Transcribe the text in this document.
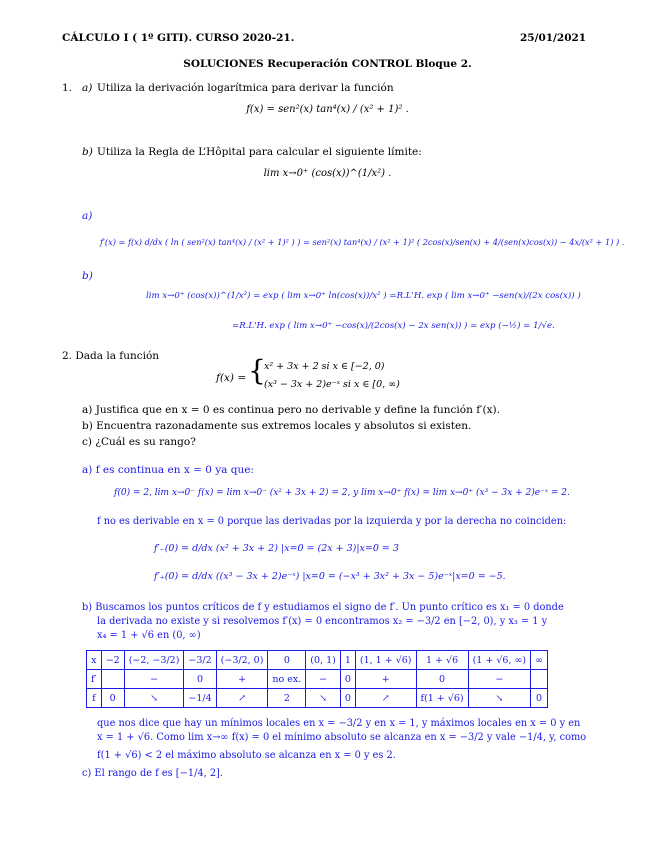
CÁLCULO I ( 1º GITI). CURSO 2020-21.	25/01/2021
SOLUCIONES Recuperación CONTROL Bloque 2.
1. a) Utiliza la derivación logarítmica para derivar la función
f(x) = sen²(x) tan⁴(x) / (x² + 1)² .
b) Utiliza la Regla de L’Hôpital para calcular el siguiente límite:
lim x→0⁺ (cos(x))^(1/x²) .
a)
f′(x) = f(x) d/dx ( ln ( sen²(x) tan⁴(x) / (x² + 1)² ) ) = sen²(x) tan⁴(x) / (x² + 1)² ( 2cos(x)/sen(x) + 4/(sen(x)cos(x)) − 4x/(x² + 1) ) .
b)
lim x→0⁺ (cos(x))^(1/x²) = exp ( lim x→0⁺ ln(cos(x))/x² ) =R.L'H. exp ( lim x→0⁺ −sen(x)/(2x cos(x)) )
=R.L'H. exp ( lim x→0⁺ −cos(x)/(2cos(x) − 2x sen(x)) ) = exp (−½) = 1/√e.
2. Dada la función
f(x) = {
x² + 3x + 2 si x ∈ [−2, 0)
(x³ − 3x + 2)e⁻ˣ si x ∈ [0, ∞)
a) Justifica que en x = 0 es continua pero no derivable y define la función f′(x).
b) Encuentra razonadamente sus extremos locales y absolutos si existen.
c) ¿Cuál es su rango?
a) f es continua en x = 0 ya que:
f(0) = 2, lim x→0⁻ f(x) = lim x→0⁻ (x² + 3x + 2) = 2, y lim x→0⁺ f(x) = lim x→0⁺ (x³ − 3x + 2)e⁻ˣ = 2.
f no es derivable en x = 0 porque las derivadas por la izquierda y por la derecha no coinciden:
f′₋(0) = d/dx (x² + 3x + 2) |x=0 = (2x + 3)|x=0 = 3
f′₊(0) = d/dx ((x³ − 3x + 2)e⁻ˣ) |x=0 = (−x³ + 3x² + 3x − 5)e⁻ˣ|x=0 = −5.
b) Buscamos los puntos críticos de f y estudiamos el signo de f′. Un punto crítico es x₁ = 0 donde
la derivada no existe y si resolvemos f′(x) = 0 encontramos x₂ = −3/2 en [−2, 0), y x₃ = 1 y
x₄ = 1 + √6 en (0, ∞)
x	−2	(−2, −3/2)	−3/2	(−3/2, 0)	0	(0, 1)	1	(1, 1 + √6)	1 + √6	(1 + √6, ∞)	∞
f′		−	0	+	no ex.	−	0	+	0	−	
f	0	↘	−1/4	↗	2	↘	0	↗	f(1 + √6)	↘	0
que nos dice que hay un mínimos locales en x = −3/2 y en x = 1, y máximos locales en x = 0 y en
x = 1 + √6. Como lim x→∞ f(x) = 0 el mínimo absoluto se alcanza en x = −3/2 y vale −1/4, y, como
f(1 + √6) < 2 el máximo absoluto se alcanza en x = 0 y es 2.
c) El rango de f es [−1/4, 2].
